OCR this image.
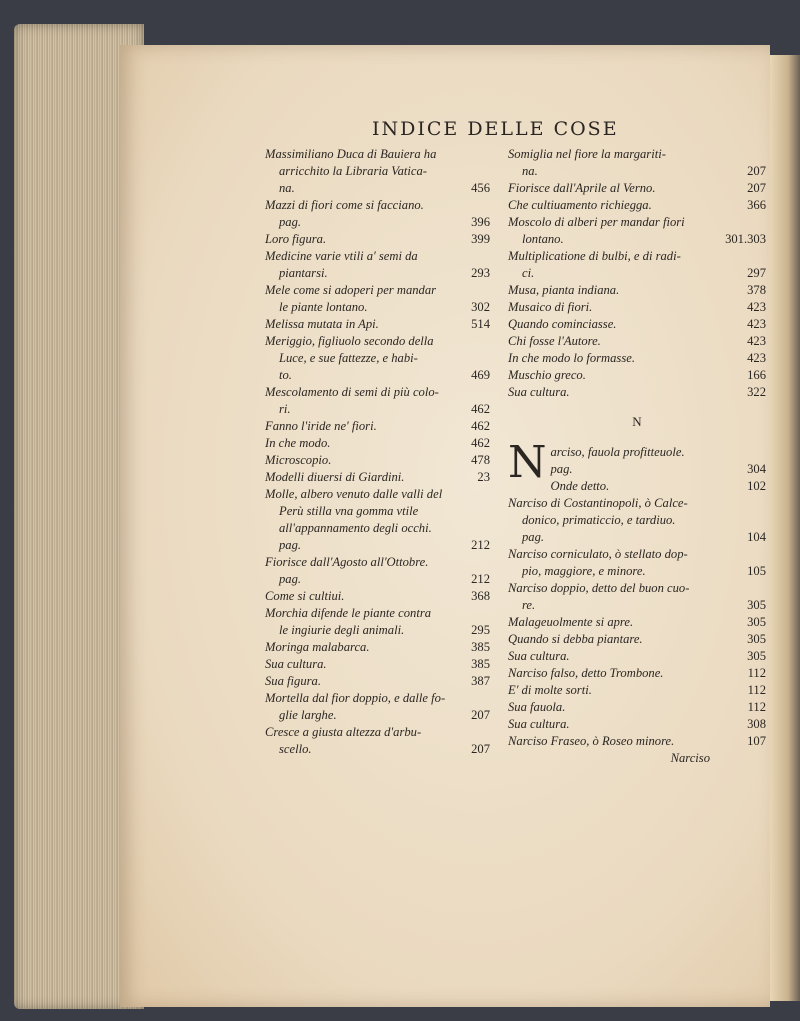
INDICE DELLE COSE
Massimiliano Duca di Bauiera ha
arricchito la Libraria Vatica-
na.	456
Mazzi di fiori come si facciano.
pag.	396
Loro figura.	399
Medicine varie vtili a' semi da
piantarsi.	293
Mele come si adoperi per mandar
le piante lontano.	302
Melissa mutata in Api.	514
Meriggio, figliuolo secondo della
Luce, e sue fattezze, e habi-
to.	469
Mescolamento di semi di più colo-
ri.	462
Fanno l'iride ne' fiori.	462
In che modo.	462
Microscopio.	478
Modelli diuersi di Giardini.	23
Molle, albero venuto dalle valli del
Perù stilla vna gomma vtile
all'appannamento degli occhi.
pag.	212
Fiorisce dall'Agosto all'Ottobre.
pag.	212
Come si cultiui.	368
Morchia difende le piante contra
le ingiurie degli animali.	295
Moringa malabarca.	385
Sua cultura.	385
Sua figura.	387
Mortella dal fior doppio, e dalle fo-
glie larghe.	207
Cresce a giusta altezza d'arbu-
scello.	207
Somiglia nel fiore la margariti-
na.	207
Fiorisce dall'Aprile al Verno.	207
Che cultiuamento richiegga.	366
Moscolo di alberi per mandar fiori
lontano.	301.303
Multiplicatione di bulbi, e di radi-
ci.	297
Musa, pianta indiana.	378
Musaico di fiori.	423
Quando cominciasse.	423
Chi fosse l'Autore.	423
In che modo lo formasse.	423
Muschio greco.	166
Sua cultura.	322
N
N arciso, fauola profitteuole.
pag.	304
Onde detto.	102
Narciso di Costantinopoli, ò Calce-
donico, primaticcio, e tardiuo.
pag.	104
Narciso corniculato, ò stellato dop-
pio, maggiore, e minore.	105
Narciso doppio, detto del buon cuo-
re.	305
Malageuolmente si apre.	305
Quando si debba piantare.	305
Sua cultura.	305
Narciso falso, detto Trombone.	112
E' di molte sorti.	112
Sua fauola.	112
Sua cultura.	308
Narciso Fraseo, ò Roseo minore.	107
Narciso
